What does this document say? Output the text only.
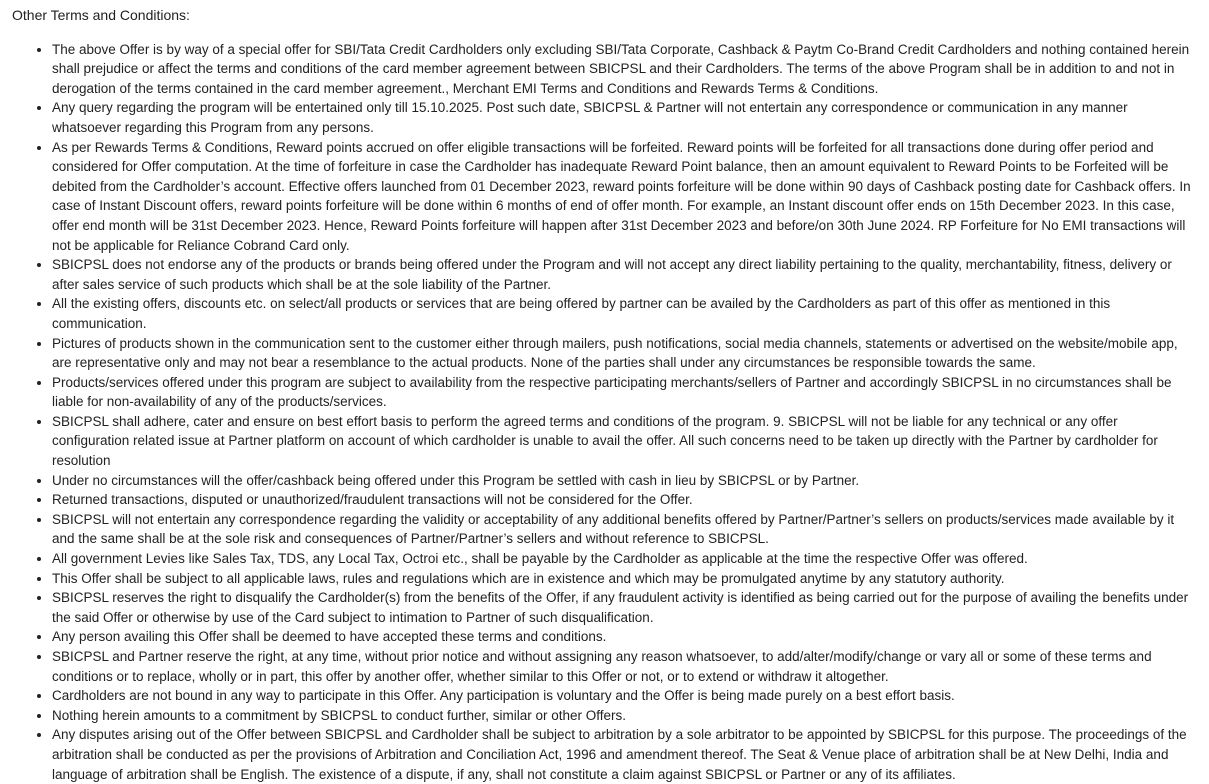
Other Terms and Conditions:

• The above Offer is by way of a special offer for SBI/Tata Credit Cardholders only excluding SBI/Tata Corporate, Cashback & Paytm Co-Brand Credit Cardholders and nothing contained herein shall prejudice or affect the terms and conditions of the card member agreement between SBICPSL and their Cardholders. The terms of the above Program shall be in addition to and not in derogation of the terms contained in the card member agreement., Merchant EMI Terms and Conditions and Rewards Terms & Conditions.
• Any query regarding the program will be entertained only till 15.10.2025. Post such date, SBICPSL & Partner will not entertain any correspondence or communication in any manner whatsoever regarding this Program from any persons.
• As per Rewards Terms & Conditions, Reward points accrued on offer eligible transactions will be forfeited. Reward points will be forfeited for all transactions done during offer period and considered for Offer computation. At the time of forfeiture in case the Cardholder has inadequate Reward Point balance, then an amount equivalent to Reward Points to be Forfeited will be debited from the Cardholder’s account. Effective offers launched from 01 December 2023, reward points forfeiture will be done within 90 days of Cashback posting date for Cashback offers. In case of Instant Discount offers, reward points forfeiture will be done within 6 months of end of offer month. For example, an Instant discount offer ends on 15th December 2023. In this case, offer end month will be 31st December 2023. Hence, Reward Points forfeiture will happen after 31st December 2023 and before/on 30th June 2024. RP Forfeiture for No EMI transactions will not be applicable for Reliance Cobrand Card only.
• SBICPSL does not endorse any of the products or brands being offered under the Program and will not accept any direct liability pertaining to the quality, merchantability, fitness, delivery or after sales service of such products which shall be at the sole liability of the Partner.
• All the existing offers, discounts etc. on select/all products or services that are being offered by partner can be availed by the Cardholders as part of this offer as mentioned in this communication.
• Pictures of products shown in the communication sent to the customer either through mailers, push notifications, social media channels, statements or advertised on the website/mobile app, are representative only and may not bear a resemblance to the actual products. None of the parties shall under any circumstances be responsible towards the same.
• Products/services offered under this program are subject to availability from the respective participating merchants/sellers of Partner and accordingly SBICPSL in no circumstances shall be liable for non-availability of any of the products/services.
• SBICPSL shall adhere, cater and ensure on best effort basis to perform the agreed terms and conditions of the program. 9. SBICPSL will not be liable for any technical or any offer configuration related issue at Partner platform on account of which cardholder is unable to avail the offer. All such concerns need to be taken up directly with the Partner by cardholder for resolution
• Under no circumstances will the offer/cashback being offered under this Program be settled with cash in lieu by SBICPSL or by Partner.
• Returned transactions, disputed or unauthorized/fraudulent transactions will not be considered for the Offer.
• SBICPSL will not entertain any correspondence regarding the validity or acceptability of any additional benefits offered by Partner/Partner’s sellers on products/services made available by it and the same shall be at the sole risk and consequences of Partner/Partner’s sellers and without reference to SBICPSL.
• All government Levies like Sales Tax, TDS, any Local Tax, Octroi etc., shall be payable by the Cardholder as applicable at the time the respective Offer was offered.
• This Offer shall be subject to all applicable laws, rules and regulations which are in existence and which may be promulgated anytime by any statutory authority.
• SBICPSL reserves the right to disqualify the Cardholder(s) from the benefits of the Offer, if any fraudulent activity is identified as being carried out for the purpose of availing the benefits under the said Offer or otherwise by use of the Card subject to intimation to Partner of such disqualification.
• Any person availing this Offer shall be deemed to have accepted these terms and conditions.
• SBICPSL and Partner reserve the right, at any time, without prior notice and without assigning any reason whatsoever, to add/alter/modify/change or vary all or some of these terms and conditions or to replace, wholly or in part, this offer by another offer, whether similar to this Offer or not, or to extend or withdraw it altogether.
• Cardholders are not bound in any way to participate in this Offer. Any participation is voluntary and the Offer is being made purely on a best effort basis.
• Nothing herein amounts to a commitment by SBICPSL to conduct further, similar or other Offers.
• Any disputes arising out of the Offer between SBICPSL and Cardholder shall be subject to arbitration by a sole arbitrator to be appointed by SBICPSL for this purpose. The proceedings of the arbitration shall be conducted as per the provisions of Arbitration and Conciliation Act, 1996 and amendment thereof. The Seat & Venue place of arbitration shall be at New Delhi, India and language of arbitration shall be English. The existence of a dispute, if any, shall not constitute a claim against SBICPSL or Partner or any of its affiliates.
